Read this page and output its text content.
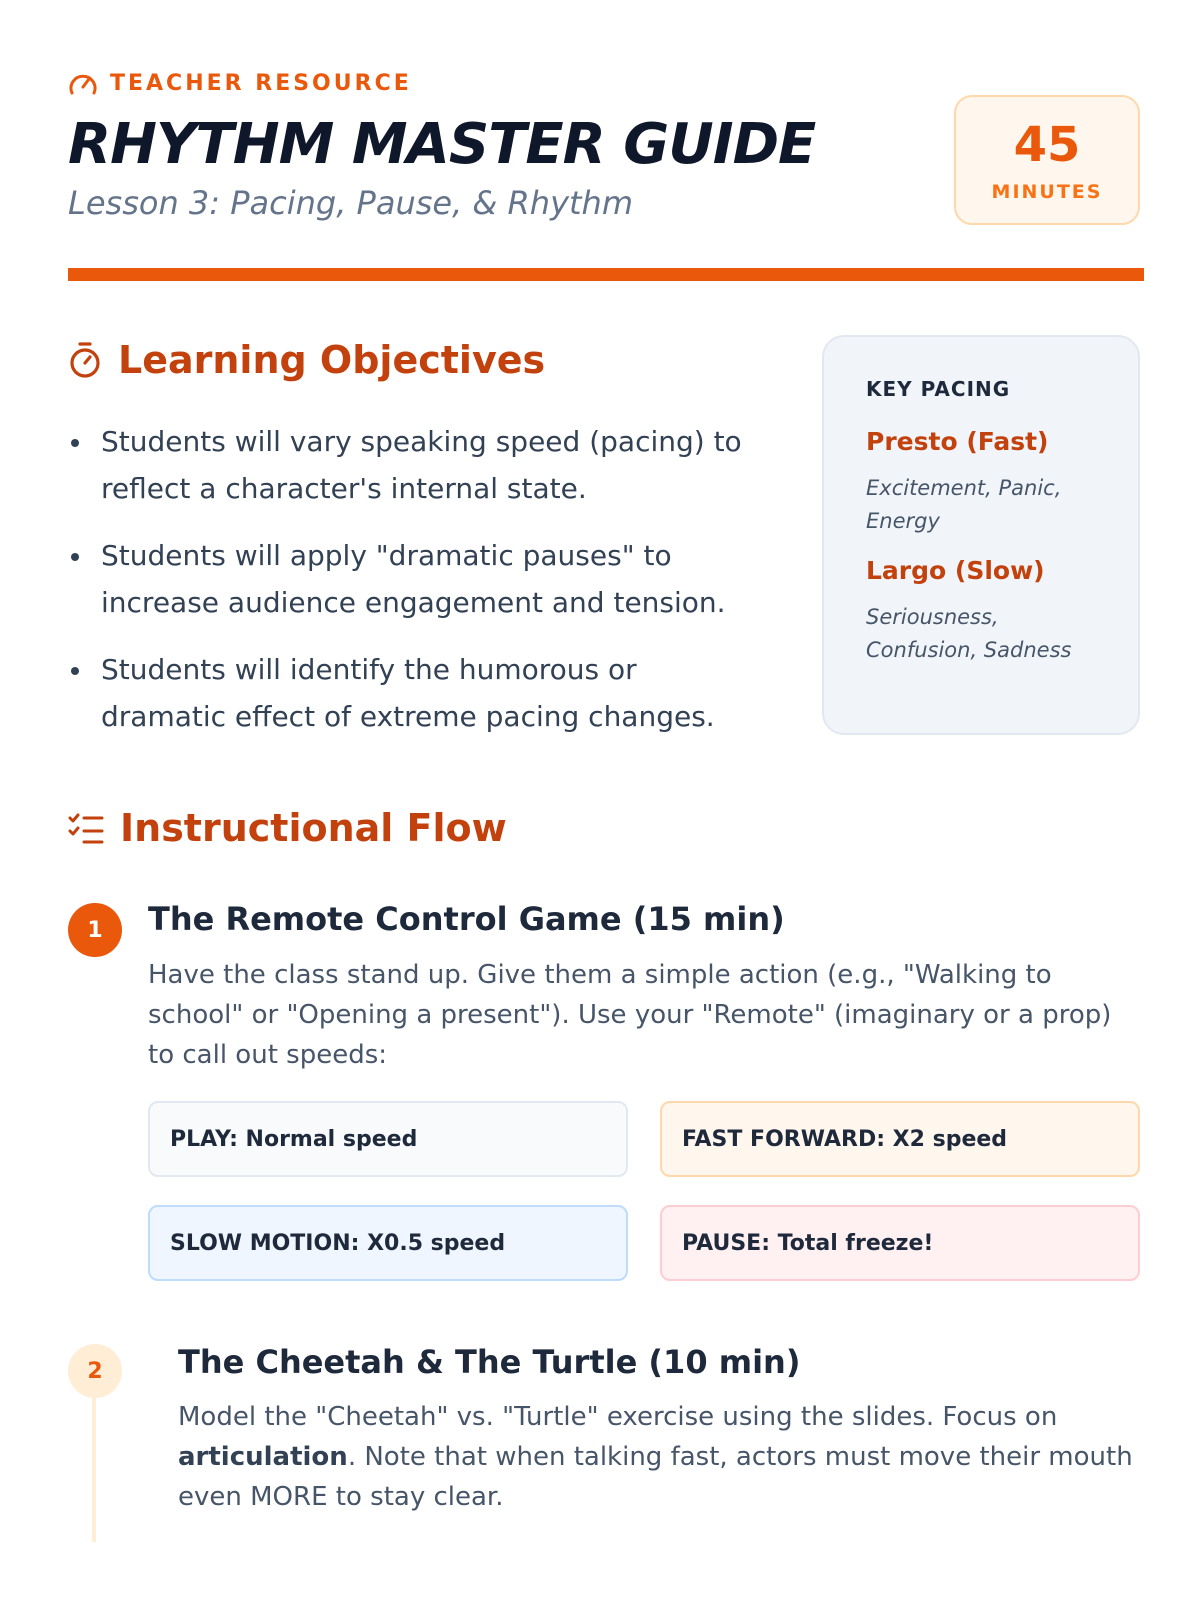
TEACHER RESOURCE
RHYTHM MASTER GUIDE
Lesson 3: Pacing, Pause, & Rhythm
45
MINUTES
Learning Objectives
Students will vary speaking speed (pacing) to reflect a character's internal state.
Students will apply "dramatic pauses" to increase audience engagement and tension.
Students will identify the humorous or dramatic effect of extreme pacing changes.
KEY PACING
Presto (Fast)
Excitement, Panic, Energy
Largo (Slow)
Seriousness, Confusion, Sadness
Instructional Flow
1	The Remote Control Game (15 min)
Have the class stand up. Give them a simple action (e.g., "Walking to school" or "Opening a present"). Use your "Remote" (imaginary or a prop) to call out speeds:
PLAY: Normal speed	FAST FORWARD: X2 speed
SLOW MOTION: X0.5 speed	PAUSE: Total freeze!
2	The Cheetah & The Turtle (10 min)
Model the "Cheetah" vs. "Turtle" exercise using the slides. Focus on articulation. Note that when talking fast, actors must move their mouth even MORE to stay clear.
